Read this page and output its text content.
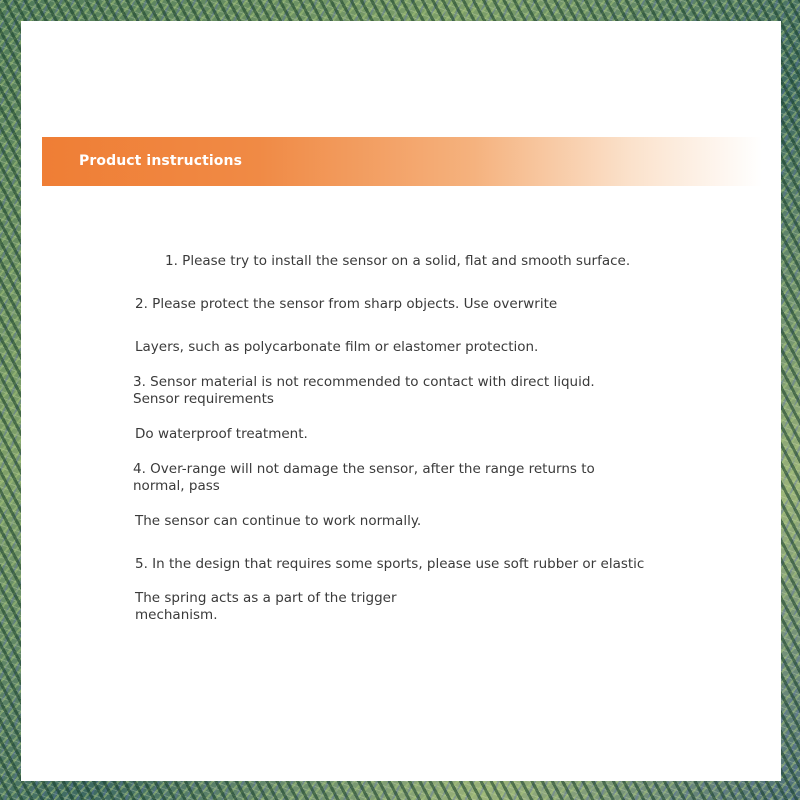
Product instructions
1. Please try to install the sensor on a solid, flat and smooth surface.
2. Please protect the sensor from sharp objects. Use overwrite
Layers, such as polycarbonate film or elastomer protection.
3. Sensor material is not recommended to contact with direct liquid.
Sensor requirements
Do waterproof treatment.
4. Over-range will not damage the sensor, after the range returns to
normal, pass
The sensor can continue to work normally.
5. In the design that requires some sports, please use soft rubber or elastic
The spring acts as a part of the trigger
mechanism.
